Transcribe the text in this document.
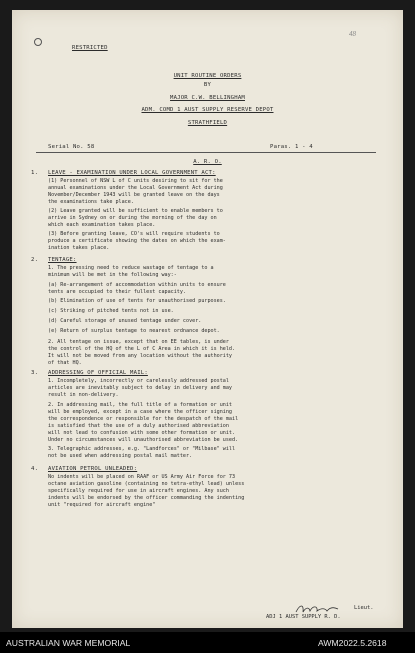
48
RESTRICTED
UNIT ROUTINE ORDERS
BY
MAJOR C.W. BELLINGHAM
ADM. COMD 1 AUST SUPPLY RESERVE DEPOT
STRATHFIELD
Serial No. 58	Paras. 1 - 4
A. R. O.
1. LEAVE - EXAMINATION UNDER LOCAL GOVERNMENT ACT:
(1) Personnel of NSW L of C units desiring to sit for the
annual examinations under the Local Government Act during
November/December 1943 will be granted leave on the days
the examinations take place.
(2) Leave granted will be sufficient to enable members to
arrive in Sydney on or during the morning of the day on
which each examination takes place.
(3) Before granting leave, CO's will require students to
produce a certificate showing the dates on which the exam-
ination takes place.
2. TENTAGE:
1. The pressing need to reduce wastage of tentage to a
minimum will be met in the following way:-
(a) Re-arrangement of accommodation within units to ensure
tents are occupied to their fullest capacity.
(b) Elimination of use of tents for unauthorised purposes.
(c) Striking of pitched tents not in use.
(d) Careful storage of unused tentage under cover.
(e) Return of surplus tentage to nearest ordnance depot.
2. All tentage on issue, except that on EE tables, is under
the control of the HQ of the L of C Area in which it is held.
It will not be moved from any location without the authority
of that HQ.
3. ADDRESSING OF OFFICIAL MAIL:
1. Incompletely, incorrectly or carelessly addressed postal
articles are inevitably subject to delay in delivery and may
result in non-delivery.
2. In addressing mail, the full title of a formation or unit
will be employed, except in a case where the officer signing
the correspondence or responsible for the despatch of the mail
is satisfied that the use of a duly authorised abbreviation
will not lead to confusion with some other formation or unit.
Under no circumstances will unauthorised abbreviation be used.
3. Telegraphic addresses, e.g. "Landforces" or "Milbase" will
not be used when addressing postal mail matter.
4. AVIATION PETROL UNLEADED:
No indents will be placed on RAAF or US Army Air Force for 73
octane aviation gasoline (containing no tetra-ethyl lead) unless
specifically required for use in aircraft engines. Any such
indents will be endorsed by the officer commanding the indenting
unit "required for aircraft engine"
Lieut.
ADJ 1 AUST SUPPLY R. D.
AUSTRALIAN WAR MEMORIAL	AWM2022.5.2618
